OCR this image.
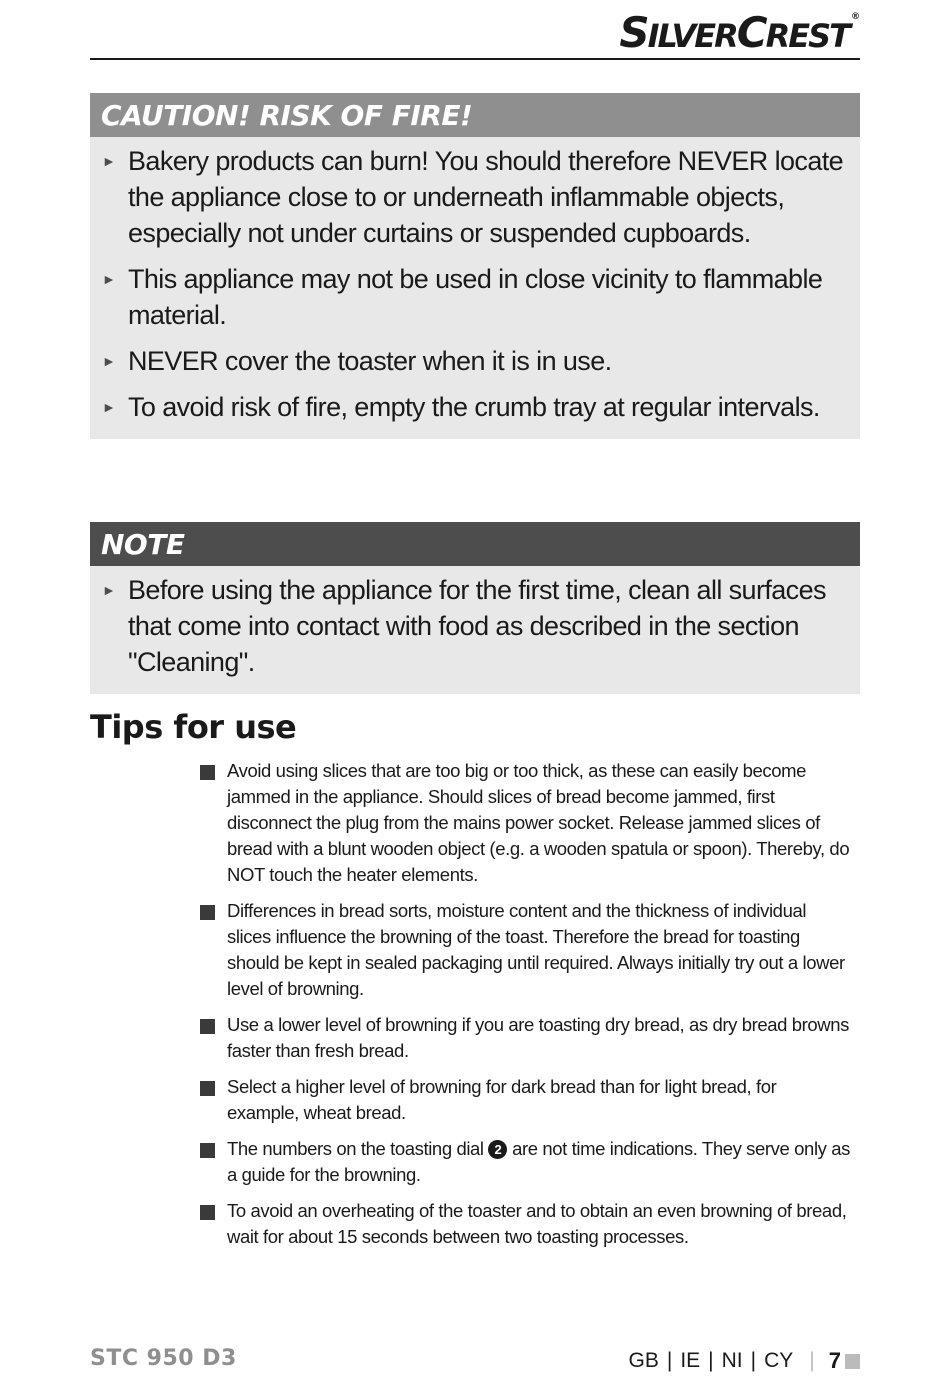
SILVERCREST ®
CAUTION! RISK OF FIRE!
► Bakery products can burn! You should therefore NEVER locate the appliance close to or underneath inflammable objects, especially not under curtains or suspended cupboards.
► This appliance may not be used in close vicinity to flammable material.
► NEVER cover the toaster when it is in use.
► To avoid risk of fire, empty the crumb tray at regular intervals.
NOTE
► Before using the appliance for the first time, clean all surfaces that come into contact with food as described in the section "Cleaning".
Tips for use
Avoid using slices that are too big or too thick, as these can easily become jammed in the appliance. Should slices of bread become jammed, first disconnect the plug from the mains power socket. Release jammed slices of bread with a blunt wooden object (e.g. a wooden spatula or spoon). Thereby, do NOT touch the heater elements.
Differences in bread sorts, moisture content and the thickness of individual slices influence the browning of the toast. Therefore the bread for toasting should be kept in sealed packaging until required. Always initially try out a lower level of browning.
Use a lower level of browning if you are toasting dry bread, as dry bread browns faster than fresh bread.
Select a higher level of browning for dark bread than for light bread, for example, wheat bread.
The numbers on the toasting dial 2 are not time indications. They serve only as a guide for the browning.
To avoid an overheating of the toaster and to obtain an even browning of bread, wait for about 15 seconds between two toasting processes.
STC 950 D3	GB | IE | NI | CY | 7
